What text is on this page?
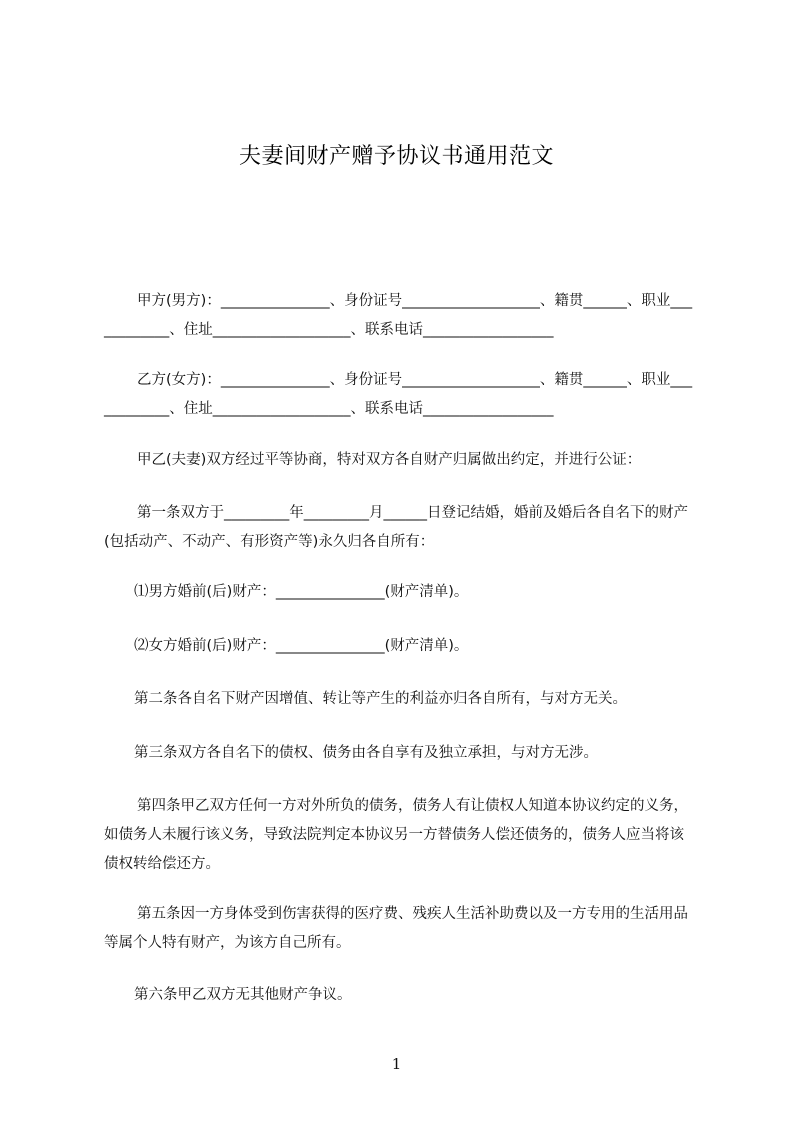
夫妻间财产赠予协议书通用范文
甲方(男方)：_______________、身份证号___________________、籍贯______、职业____________、住址___________________、联系电话__________________
乙方(女方)：_______________、身份证号___________________、籍贯______、职业____________、住址___________________、联系电话__________________
甲乙(夫妻)双方经过平等协商，特对双方各自财产归属做出约定，并进行公证：
第一条双方于_________年_________月______日登记结婚，婚前及婚后各自名下的财产(包括动产、不动产、有形资产等)永久归各自所有：
⑴男方婚前(后)财产：_______________(财产清单)。
⑵女方婚前(后)财产：_______________(财产清单)。
第二条各自名下财产因增值、转让等产生的利益亦归各自所有，与对方无关。
第三条双方各自名下的债权、债务由各自享有及独立承担，与对方无涉。
第四条甲乙双方任何一方对外所负的债务，债务人有让债权人知道本协议约定的义务，如债务人未履行该义务，导致法院判定本协议另一方替债务人偿还债务的，债务人应当将该债权转给偿还方。
第五条因一方身体受到伤害获得的医疗费、残疾人生活补助费以及一方专用的生活用品等属个人特有财产，为该方自己所有。
第六条甲乙双方无其他财产争议。
1
